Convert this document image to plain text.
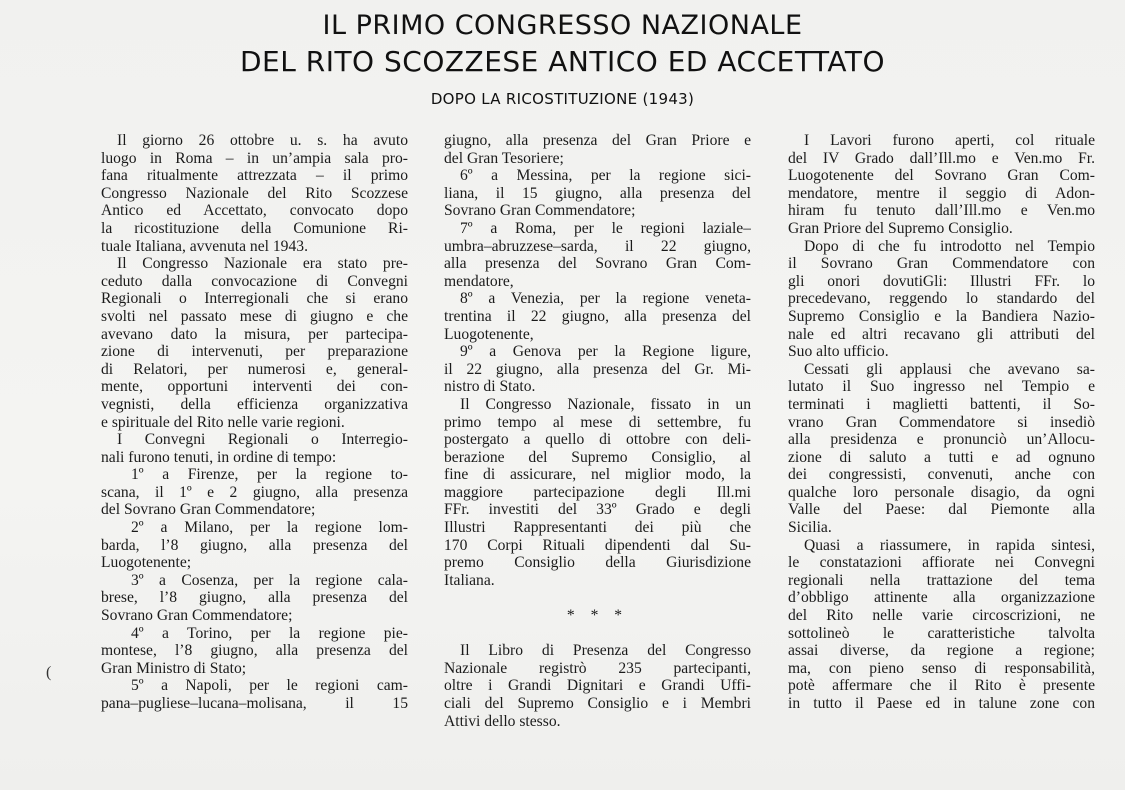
IL PRIMO CONGRESSO NAZIONALE
DEL RITO SCOZZESE ANTICO ED ACCETTATO
DOPO LA RICOSTITUZIONE (1943)
Il giorno 26 ottobre u. s. ha avuto
luogo in Roma – in un’ampia sala pro-
fana ritualmente attrezzata – il primo
Congresso Nazionale del Rito Scozzese
Antico ed Accettato, convocato dopo
la ricostituzione della Comunione Ri-
tuale Italiana, avvenuta nel 1943.
Il Congresso Nazionale era stato pre-
ceduto dalla convocazione di Convegni
Regionali o Interregionali che si erano
svolti nel passato mese di giugno e che
avevano dato la misura, per partecipa-
zione di intervenuti, per preparazione
di Relatori, per numerosi e, general-
mente, opportuni interventi dei con-
vegnisti, della efficienza organizzativa
e spirituale del Rito nelle varie regioni.
I Convegni Regionali o Interregio-
nali furono tenuti, in ordine di tempo:
1º a Firenze, per la regione to-
scana, il 1º e 2 giugno, alla presenza
del Sovrano Gran Commendatore;
2º a Milano, per la regione lom-
barda, l’8 giugno, alla presenza del
Luogotenente;
3º a Cosenza, per la regione cala-
brese, l’8 giugno, alla presenza del
Sovrano Gran Commendatore;
4º a Torino, per la regione pie-
montese, l’8 giugno, alla presenza del
Gran Ministro di Stato;
5º a Napoli, per le regioni cam-
pana–pugliese–lucana–molisana, il 15
giugno, alla presenza del Gran Priore e
del Gran Tesoriere;
6º a Messina, per la regione sici-
liana, il 15 giugno, alla presenza del
Sovrano Gran Commendatore;
7º a Roma, per le regioni laziale–
umbra–abruzzese–sarda, il 22 giugno,
alla presenza del Sovrano Gran Com-
mendatore,
8º a Venezia, per la regione veneta-
trentina il 22 giugno, alla presenza del
Luogotenente,
9º a Genova per la Regione ligure,
il 22 giugno, alla presenza del Gr. Mi-
nistro di Stato.
Il Congresso Nazionale, fissato in un
primo tempo al mese di settembre, fu
postergato a quello di ottobre con deli-
berazione del Supremo Consiglio, al
fine di assicurare, nel miglior modo, la
maggiore partecipazione degli Ill.mi
FFr. investiti del 33º Grado e degli
Illustri Rappresentanti dei più che
170 Corpi Rituali dipendenti dal Su-
premo Consiglio della Giurisdizione
Italiana.
* * *
Il Libro di Presenza del Congresso
Nazionale registrò 235 partecipanti,
oltre i Grandi Dignitari e Grandi Uffi-
ciali del Supremo Consiglio e i Membri
Attivi dello stesso.
I Lavori furono aperti, col rituale
del IV Grado dall’Ill.mo e Ven.mo Fr.
Luogotenente del Sovrano Gran Com-
mendatore, mentre il seggio di Adon-
hiram fu tenuto dall’Ill.mo e Ven.mo
Gran Priore del Supremo Consiglio.
Dopo di che fu introdotto nel Tempio
il Sovrano Gran Commendatore con
gli onori dovutiGli: Illustri FFr. lo
precedevano, reggendo lo standardo del
Supremo Consiglio e la Bandiera Nazio-
nale ed altri recavano gli attributi del
Suo alto ufficio.
Cessati gli applausi che avevano sa-
lutato il Suo ingresso nel Tempio e
terminati i maglietti battenti, il So-
vrano Gran Commendatore si insediò
alla presidenza e pronunciò un’Allocu-
zione di saluto a tutti e ad ognuno
dei congressisti, convenuti, anche con
qualche loro personale disagio, da ogni
Valle del Paese: dal Piemonte alla
Sicilia.
Quasi a riassumere, in rapida sintesi,
le constatazioni affiorate nei Convegni
regionali nella trattazione del tema
d’obbligo attinente alla organizzazione
del Rito nelle varie circoscrizioni, ne
sottolineò le caratteristiche talvolta
assai diverse, da regione a regione;
ma, con pieno senso di responsabilità,
potè affermare che il Rito è presente
in tutto il Paese ed in talune zone con
(
